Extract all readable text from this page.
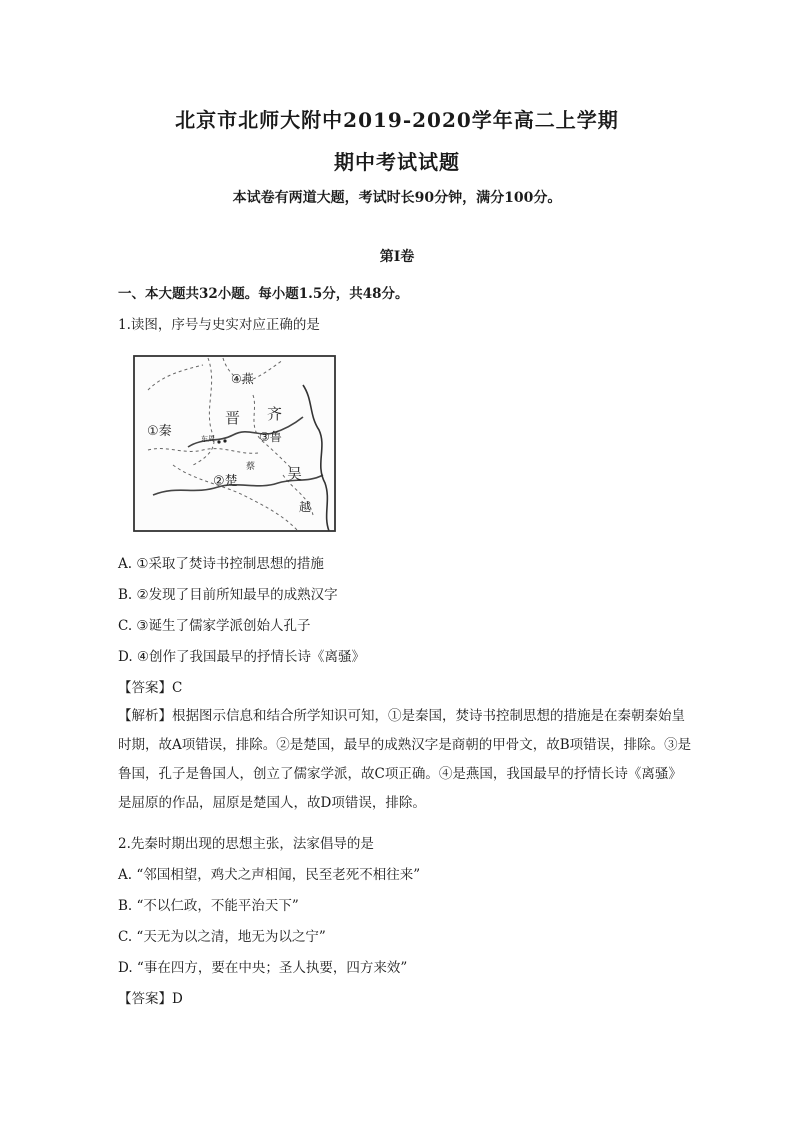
北京市北师大附中2019-2020学年高二上学期
期中考试试题
本试卷有两道大题，考试时长90分钟，满分100分。
第Ⅰ卷
一、本大题共32小题。每小题1.5分，共48分。
1.读图，序号与史实对应正确的是
④燕
晋 齐
①秦	③鲁
东周
蔡
②楚	吴
越
A. ①采取了焚诗书控制思想的措施
B. ②发现了目前所知最早的成熟汉字
C. ③诞生了儒家学派创始人孔子
D. ④创作了我国最早的抒情长诗《离骚》
【答案】C
【解析】根据图示信息和结合所学知识可知，①是秦国，焚诗书控制思想的措施是在秦朝秦始皇时期，故A项错误，排除。②是楚国，最早的成熟汉字是商朝的甲骨文，故B项错误，排除。③是鲁国，孔子是鲁国人，创立了儒家学派，故C项正确。④是燕国，我国最早的抒情长诗《离骚》是屈原的作品，屈原是楚国人，故D项错误，排除。
2.先秦时期出现的思想主张，法家倡导的是
A. “邻国相望，鸡犬之声相闻，民至老死不相往来”
B. “不以仁政，不能平治天下”
C. “天无为以之清，地无为以之宁”
D. “事在四方，要在中央；圣人执要，四方来效”
【答案】D
